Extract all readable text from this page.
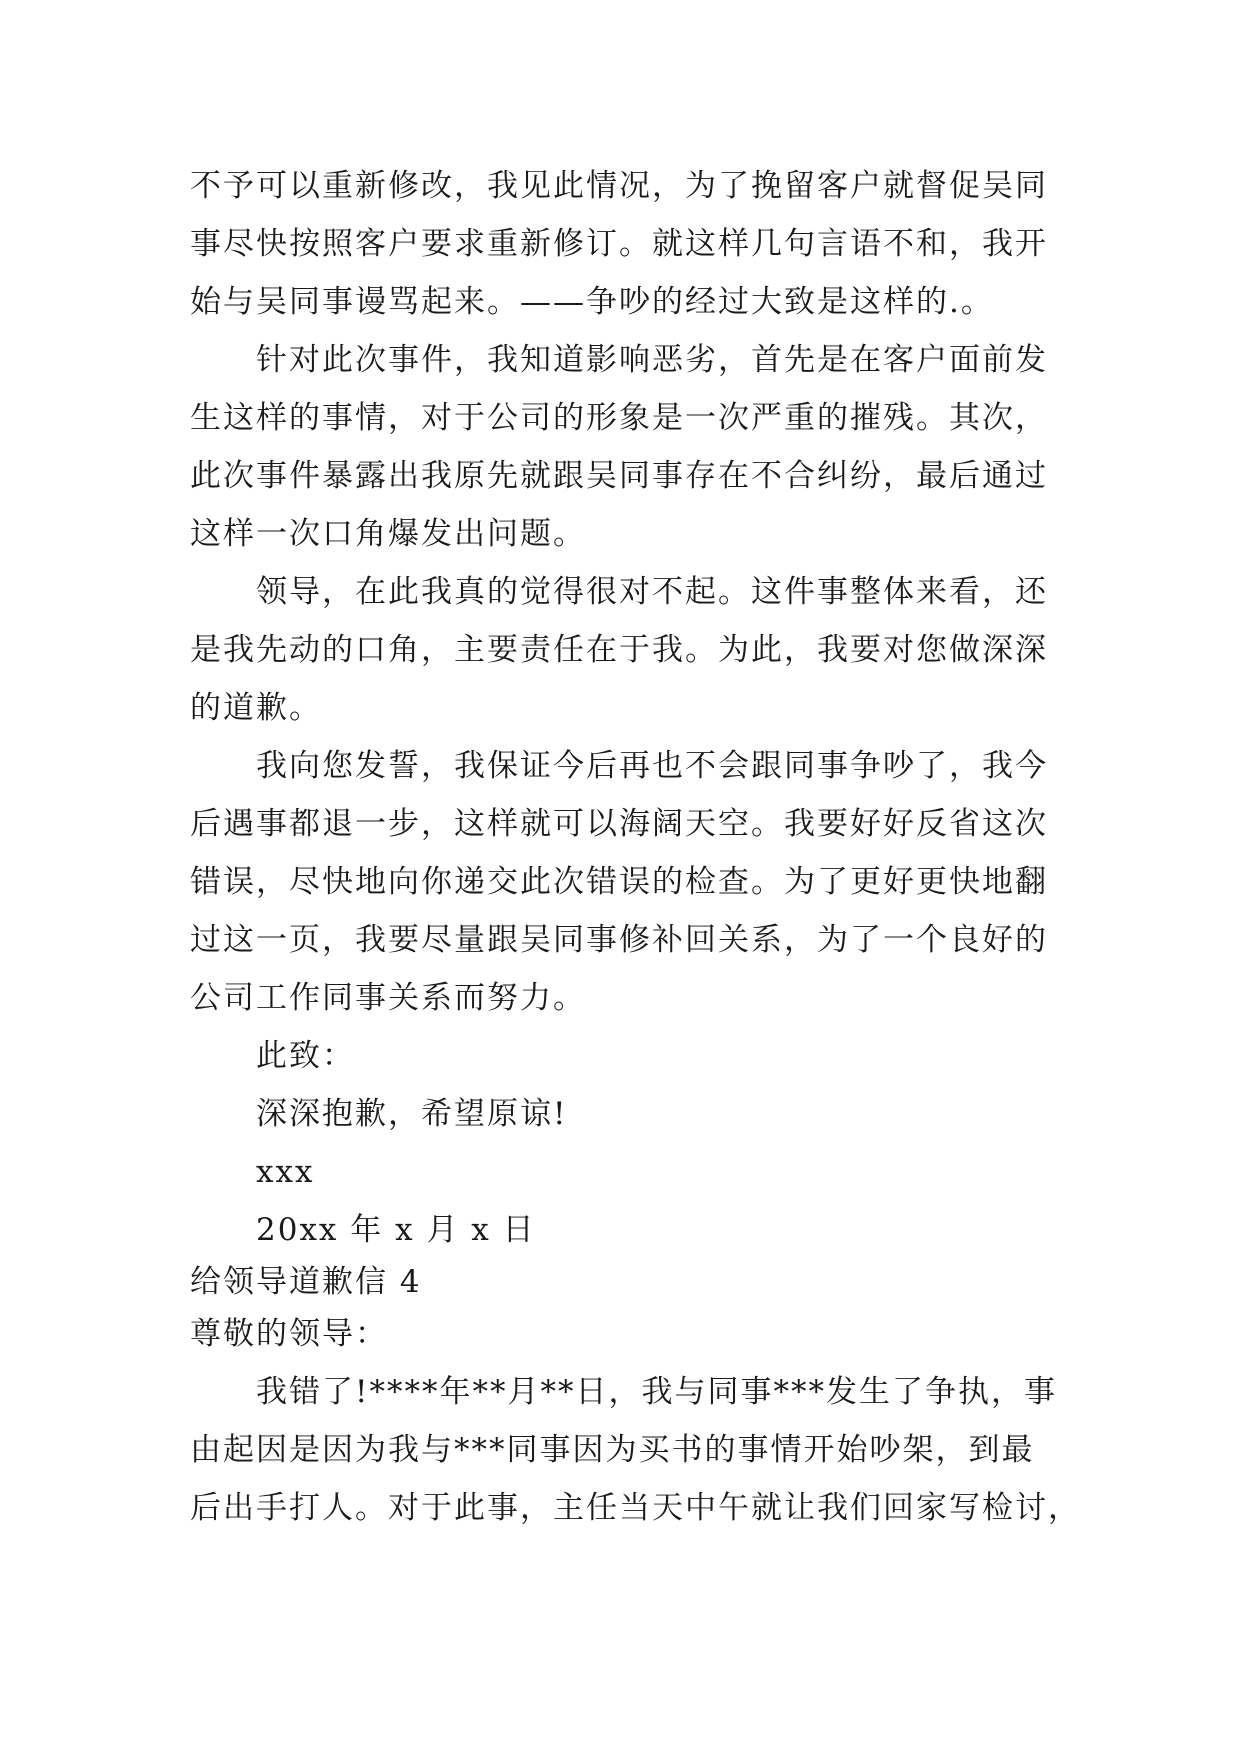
不予可以重新修改，我见此情况，为了挽留客户就督促吴同
事尽快按照客户要求重新修订。就这样几句言语不和，我开
始与吴同事谩骂起来。——争吵的经过大致是这样的.。
针对此次事件，我知道影响恶劣，首先是在客户面前发
生这样的事情，对于公司的形象是一次严重的摧残。其次，
此次事件暴露出我原先就跟吴同事存在不合纠纷，最后通过
这样一次口角爆发出问题。
领导，在此我真的觉得很对不起。这件事整体来看，还
是我先动的口角，主要责任在于我。为此，我要对您做深深
的道歉。
我向您发誓，我保证今后再也不会跟同事争吵了，我今
后遇事都退一步，这样就可以海阔天空。我要好好反省这次
错误，尽快地向你递交此次错误的检查。为了更好更快地翻
过这一页，我要尽量跟吴同事修补回关系，为了一个良好的
公司工作同事关系而努力。
此致：
深深抱歉，希望原谅!
xxx
20xx 年 x 月 x 日
给领导道歉信 4
尊敬的领导：
我错了!****年**月**日，我与同事***发生了争执，事
由起因是因为我与***同事因为买书的事情开始吵架，到最
后出手打人。对于此事，主任当天中午就让我们回家写检讨，
